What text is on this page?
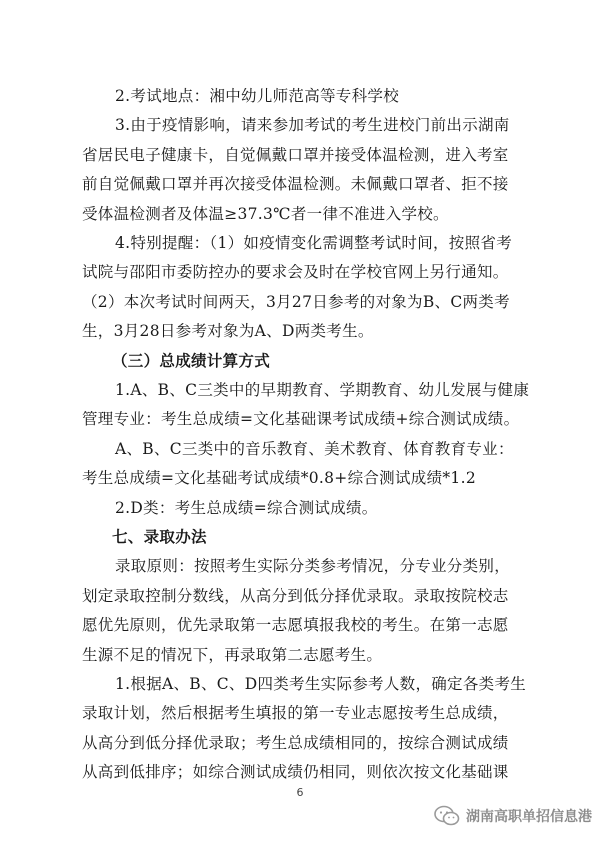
2.考试地点：湘中幼儿师范高等专科学校
3.由于疫情影响，请来参加考试的考生进校门前出示湖南
省居民电子健康卡，自觉佩戴口罩并接受体温检测，进入考室
前自觉佩戴口罩并再次接受体温检测。未佩戴口罩者、拒不接
受体温检测者及体温≥37.3℃者一律不准进入学校。
4.特别提醒：（1）如疫情变化需调整考试时间，按照省考
试院与邵阳市委防控办的要求会及时在学校官网上另行通知。
（2）本次考试时间两天，3月27日参考的对象为B、C两类考
生，3月28日参考对象为A、D两类考生。
（三）总成绩计算方式
1.A、B、C三类中的早期教育、学期教育、幼儿发展与健康
管理专业：考生总成绩=文化基础课考试成绩+综合测试成绩。
A、B、C三类中的音乐教育、美术教育、体育教育专业：
考生总成绩=文化基础考试成绩*0.8+综合测试成绩*1.2
2.D类：考生总成绩=综合测试成绩。
七、录取办法
录取原则：按照考生实际分类参考情况，分专业分类别，
划定录取控制分数线，从高分到低分择优录取。录取按院校志
愿优先原则，优先录取第一志愿填报我校的考生。在第一志愿
生源不足的情况下，再录取第二志愿考生。
1.根据A、B、C、D四类考生实际参考人数，确定各类考生
录取计划，然后根据考生填报的第一专业志愿按考生总成绩，
从高分到低分择优录取；考生总成绩相同的，按综合测试成绩
从高到低排序；如综合测试成绩仍相同，则依次按文化基础课
6
湖南高职单招信息港
